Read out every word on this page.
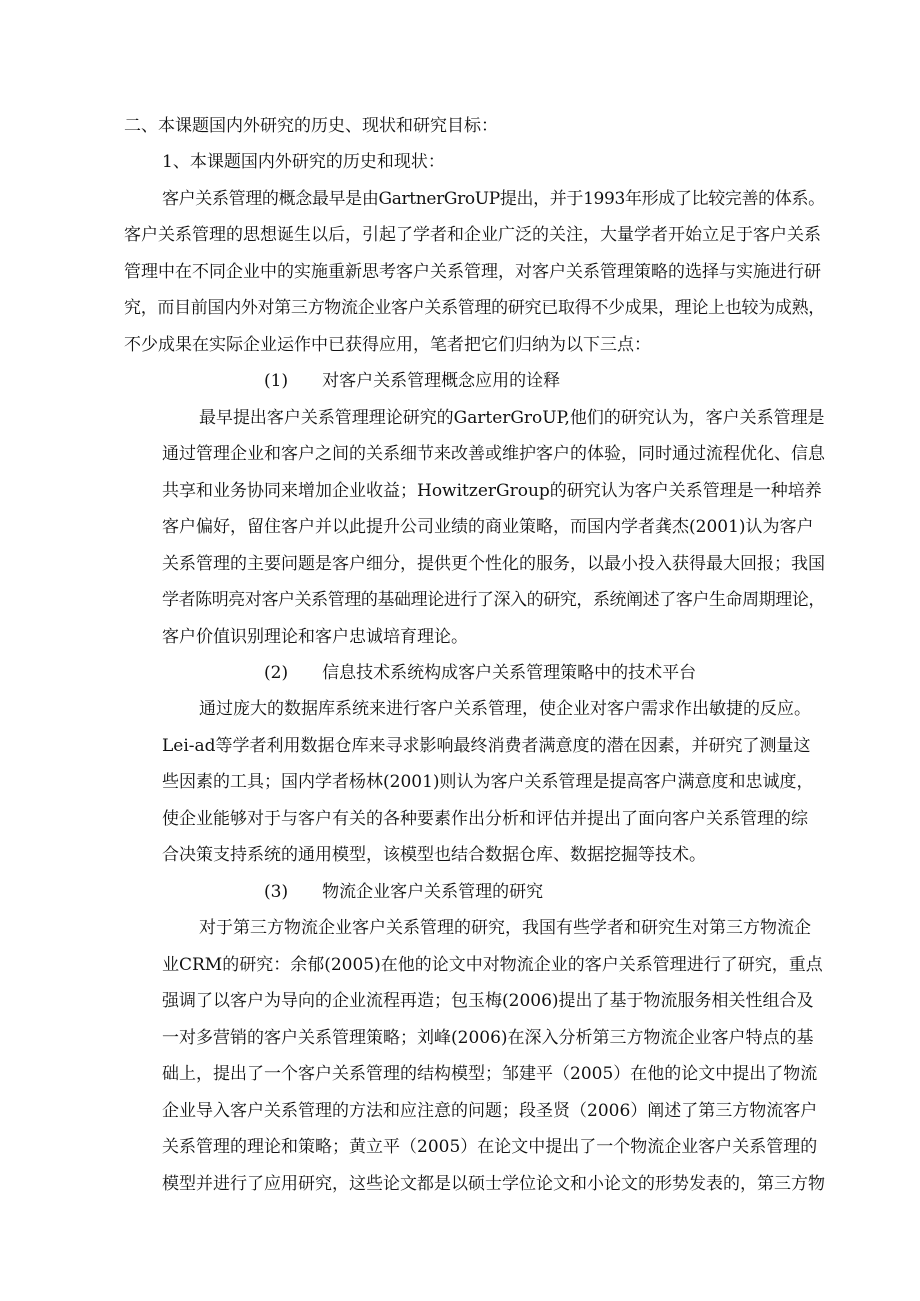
二、本课题国内外研究的历史、现状和研究目标：
1、本课题国内外研究的历史和现状：
客户关系管理的概念最早是由GartnerGroUP提出，并于1993年形成了比较完善的体系。
客户关系管理的思想诞生以后，引起了学者和企业广泛的关注，大量学者开始立足于客户关系
管理中在不同企业中的实施重新思考客户关系管理，对客户关系管理策略的选择与实施进行研
究，而目前国内外对第三方物流企业客户关系管理的研究已取得不少成果，理论上也较为成熟，
不少成果在实际企业运作中已获得应用，笔者把它们归纳为以下三点：
(1)　　对客户关系管理概念应用的诠释
最早提出客户关系管理理论研究的GarterGroUP,他们的研究认为，客户关系管理是
通过管理企业和客户之间的关系细节来改善或维护客户的体验，同时通过流程优化、信息
共享和业务协同来增加企业收益；HowitzerGroup的研究认为客户关系管理是一种培养
客户偏好，留住客户并以此提升公司业绩的商业策略，而国内学者龚杰(2001)认为客户
关系管理的主要问题是客户细分，提供更个性化的服务，以最小投入获得最大回报；我国
学者陈明亮对客户关系管理的基础理论进行了深入的研究，系统阐述了客户生命周期理论，
客户价值识别理论和客户忠诚培育理论。
(2)　　信息技术系统构成客户关系管理策略中的技术平台
通过庞大的数据库系统来进行客户关系管理，使企业对客户需求作出敏捷的反应。
Lei-ad等学者利用数据仓库来寻求影响最终消费者满意度的潜在因素，并研究了测量这
些因素的工具；国内学者杨林(2001)则认为客户关系管理是提高客户满意度和忠诚度，
使企业能够对于与客户有关的各种要素作出分析和评估并提出了面向客户关系管理的综
合决策支持系统的通用模型，该模型也结合数据仓库、数据挖掘等技术。
(3)　　物流企业客户关系管理的研究
对于第三方物流企业客户关系管理的研究，我国有些学者和研究生对第三方物流企
业CRM的研究：余郁(2005)在他的论文中对物流企业的客户关系管理进行了研究，重点
强调了以客户为导向的企业流程再造；包玉梅(2006)提出了基于物流服务相关性组合及
一对多营销的客户关系管理策略；刘峰(2006)在深入分析第三方物流企业客户特点的基
础上，提出了一个客户关系管理的结构模型；邹建平（2005）在他的论文中提出了物流
企业导入客户关系管理的方法和应注意的问题；段圣贤（2006）阐述了第三方物流客户
关系管理的理论和策略；黄立平（2005）在论文中提出了一个物流企业客户关系管理的
模型并进行了应用研究，这些论文都是以硕士学位论文和小论文的形势发表的，第三方物
